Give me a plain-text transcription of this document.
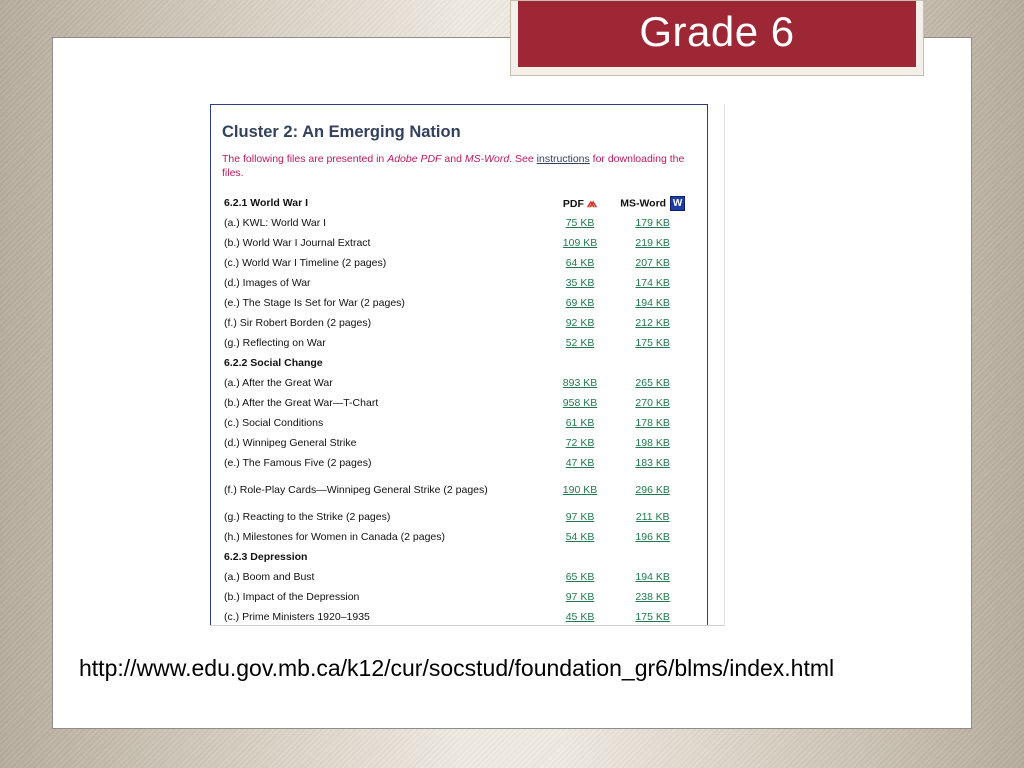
Grade 6
Cluster 2: An Emerging Nation
The following files are presented in Adobe PDF and MS-Word. See instructions for downloading the files.
6.2.1 World War I	PDF ⩕	MS-Word W
(a.) KWL: World War I	75 KB	179 KB
(b.) World War I Journal Extract	109 KB	219 KB
(c.) World War I Timeline (2 pages)	64 KB	207 KB
(d.) Images of War	35 KB	174 KB
(e.) The Stage Is Set for War (2 pages)	69 KB	194 KB
(f.) Sir Robert Borden (2 pages)	92 KB	212 KB
(g.) Reflecting on War	52 KB	175 KB
6.2.2 Social Change		
(a.) After the Great War	893 KB	265 KB
(b.) After the Great War—T-Chart	958 KB	270 KB
(c.) Social Conditions	61 KB	178 KB
(d.) Winnipeg General Strike	72 KB	198 KB
(e.) The Famous Five (2 pages)	47 KB	183 KB
(f.) Role-Play Cards—Winnipeg General Strike (2 pages)	190 KB	296 KB
(g.) Reacting to the Strike (2 pages)	97 KB	211 KB
(h.) Milestones for Women in Canada (2 pages)	54 KB	196 KB
6.2.3 Depression		
(a.) Boom and Bust	65 KB	194 KB
(b.) Impact of the Depression	97 KB	238 KB
(c.) Prime Ministers 1920–1935	45 KB	175 KB
http://www.edu.gov.mb.ca/k12/cur/socstud/foundation_gr6/blms/index.html
